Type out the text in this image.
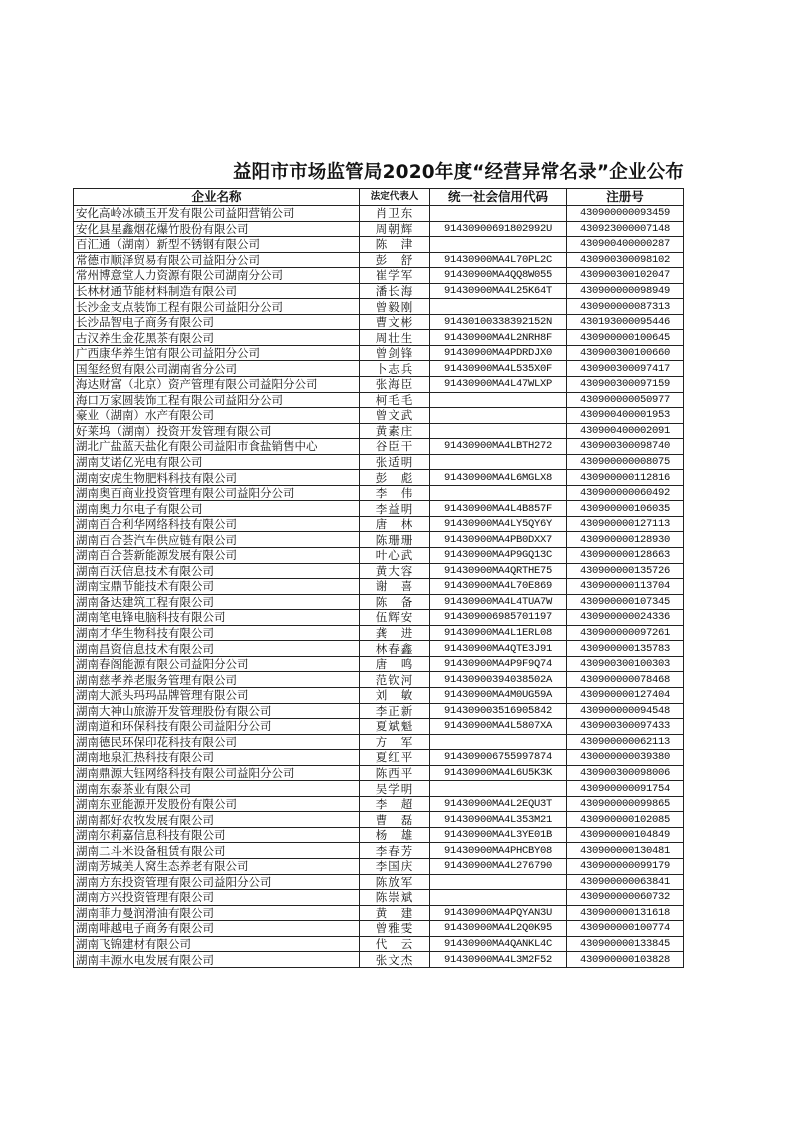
益阳市市场监管局2020年度“经营异常名录”企业公布
企业名称	法定代表人	统一社会信用代码	注册号
安化高岭冰碛玉开发有限公司益阳营销公司	肖卫东		430900000093459
安化县星鑫烟花爆竹股份有限公司	周朝辉	91430900691802992U	430923000007148
百汇通（湖南）新型不锈钢有限公司	陈　津		430900400000287
常德市顺泽贸易有限公司益阳分公司	彭　舒	91430900MA4L70PL2C	430900300098102
常州博意堂人力资源有限公司湖南分公司	崔学军	91430900MA4QQ8W055	430900300102047
长林材通节能材料制造有限公司	潘长海	91430900MA4L25K64T	430900000098949
长沙金支点装饰工程有限公司益阳分公司	曾毅刚		430900000087313
长沙品智电子商务有限公司	曹文彬	91430100338392152N	430193000095446
古汉养生金花黑茶有限公司	周壮生	91430900MA4L2NRH8F	430900000100645
广西康华养生馆有限公司益阳分公司	曾剑锋	91430900MA4PDRDJX0	430900300100660
国玺经贸有限公司湖南省分公司	卜志兵	91430900MA4L535X0F	430900300097417
海达财富（北京）资产管理有限公司益阳分公司	张海臣	91430900MA4L47WLXP	430900300097159
海口万家圆装饰工程有限公司益阳分公司	柯毛毛		430900000050977
豪业（湖南）水产有限公司	曾文武		430900400001953
好莱坞（湖南）投资开发管理有限公司	黄素庄		430900400002091
湖北广盐蓝天盐化有限公司益阳市食盐销售中心	谷臣干	91430900MA4LBTH272	430900300098740
湖南艾诺亿光电有限公司	张适明		430900000008075
湖南安虎生物肥料科技有限公司	彭　彪	91430900MA4L6MGLX8	430900000112816
湖南奥百商业投资管理有限公司益阳分公司	李　伟		430900000060492
湖南奥力尔电子有限公司	李益明	91430900MA4L4B857F	430900000106035
湖南百合利华网络科技有限公司	唐　林	91430900MA4LY5QY6Y	430900000127113
湖南百合荟汽车供应链有限公司	陈珊珊	91430900MA4PB0DXX7	430900000128930
湖南百合荟新能源发展有限公司	叶心武	91430900MA4P9GQ13C	430900000128663
湖南百沃信息技术有限公司	黄大容	91430900MA4QRTHE75	430900000135726
湖南宝鼎节能技术有限公司	谢　喜	91430900MA4L70E869	430900000113704
湖南备达建筑工程有限公司	陈　备	91430900MA4L4TUA7W	430900000107345
湖南笔电锋电脑科技有限公司	伍辉安	914309006985701197	430900000024336
湖南才华生物科技有限公司	龚　进	91430900MA4L1ERL08	430900000097261
湖南昌资信息技术有限公司	林春鑫	91430900MA4QTE3J91	430900000135783
湖南春阁能源有限公司益阳分公司	唐　鸣	91430900MA4P9F9Q74	430900300100303
湖南慈孝养老服务管理有限公司	范钦河	91430900394038502A	430900000078468
湖南大派头玛玛品牌管理有限公司	刘　敏	91430900MA4M0UG59A	430900000127404
湖南大神山旅游开发管理股份有限公司	李正新	914309003516905842	430900000094548
湖南道和环保科技有限公司益阳分公司	夏斌魁	91430900MA4L5807XA	430900300097433
湖南德民环保印花科技有限公司	方　军		430900000062113
湖南地泉汇热科技有限公司	夏红平	914309006755997874	430000000039380
湖南鼎源大钰网络科技有限公司益阳分公司	陈西平	91430900MA4L6U5K3K	430900300098006
湖南东泰茶业有限公司	吴学明		430900000091754
湖南东亚能源开发股份有限公司	李　超	91430900MA4L2EQU3T	430900000099865
湖南都好农牧发展有限公司	曹　磊	91430900MA4L353M21	430900000102085
湖南尔莉嘉信息科技有限公司	杨　雄	91430900MA4L3YE01B	430900000104849
湖南二斗米设备租赁有限公司	李春芳	91430900MA4PHCBY08	430900000130481
湖南芳城美人窝生态养老有限公司	李国庆	91430900MA4L276790	430900000099179
湖南方东投资管理有限公司益阳分公司	陈放军		430900000063841
湖南方兴投资管理有限公司	陈崇斌		430900000060732
湖南菲力曼润滑油有限公司	黄　建	91430900MA4PQYAN3U	430900000131618
湖南啡越电子商务有限公司	曾雅雯	91430900MA4L2Q0K95	430900000100774
湖南飞锦建材有限公司	代　云	91430900MA4QANKL4C	430900000133845
湖南丰源水电发展有限公司	张文杰	91430900MA4L3M2F52	430900000103828
